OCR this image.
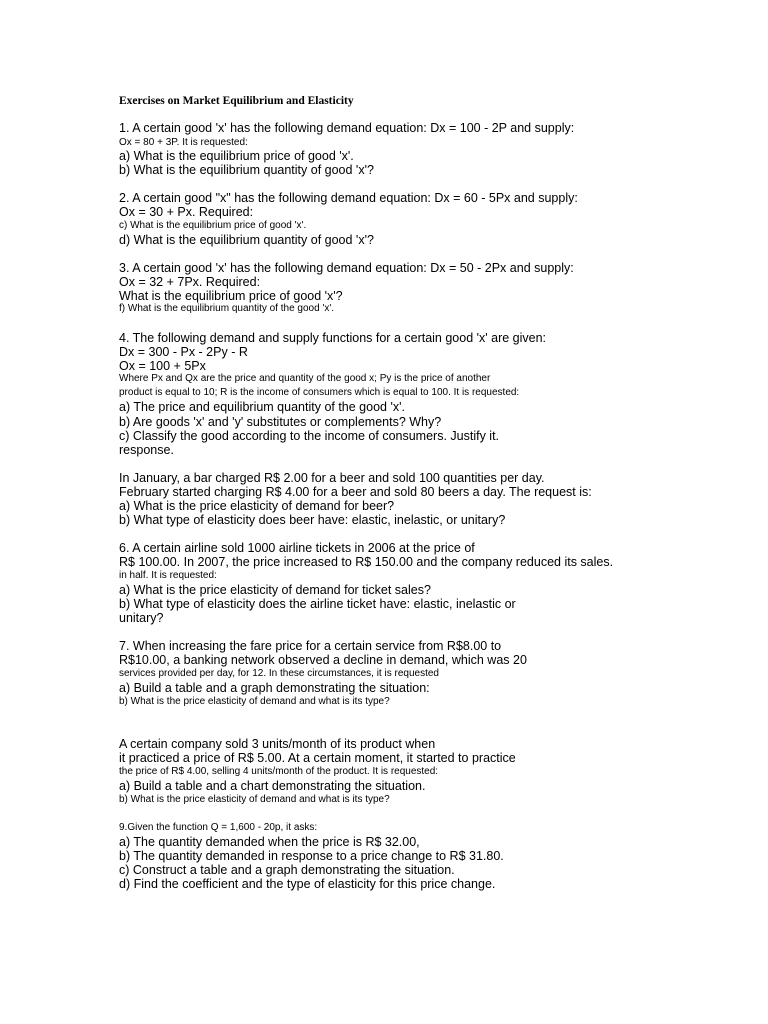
Exercises on Market Equilibrium and Elasticity

1. A certain good 'x' has the following demand equation: Dx = 100 - 2P and supply:

Ox = 80 + 3P. It is requested:

a) What is the equilibrium price of good 'x'.

b) What is the equilibrium quantity of good 'x'?

2. A certain good "x" has the following demand equation: Dx = 60 - 5Px and supply:

Ox = 30 + Px. Required:

c) What is the equilibrium price of good 'x'.

d) What is the equilibrium quantity of good 'x'?

3. A certain good 'x' has the following demand equation: Dx = 50 - 2Px and supply:

Ox = 32 + 7Px. Required:

What is the equilibrium price of good 'x'?

f) What is the equilibrium quantity of the good 'x'.

4. The following demand and supply functions for a certain good 'x' are given:

Dx = 300 - Px - 2Py - R

Ox = 100 + 5Px

Where Px and Qx are the price and quantity of the good x; Py is the price of another

product is equal to 10; R is the income of consumers which is equal to 100. It is requested:

a) The price and equilibrium quantity of the good 'x'.

b) Are goods 'x' and 'y' substitutes or complements? Why?

c) Classify the good according to the income of consumers. Justify it.

response.

In January, a bar charged R$ 2.00 for a beer and sold 100 quantities per day.

February started charging R$ 4.00 for a beer and sold 80 beers a day. The request is:

a) What is the price elasticity of demand for beer?

b) What type of elasticity does beer have: elastic, inelastic, or unitary?

6. A certain airline sold 1000 airline tickets in 2006 at the price of

R$ 100.00. In 2007, the price increased to R$ 150.00 and the company reduced its sales.

in half. It is requested:

a) What is the price elasticity of demand for ticket sales?

b) What type of elasticity does the airline ticket have: elastic, inelastic or

unitary?

7. When increasing the fare price for a certain service from R$8.00 to

R$10.00, a banking network observed a decline in demand, which was 20

services provided per day, for 12. In these circumstances, it is requested

a) Build a table and a graph demonstrating the situation:

b) What is the price elasticity of demand and what is its type?

A certain company sold 3 units/month of its product when

it practiced a price of R$ 5.00. At a certain moment, it started to practice

the price of R$ 4.00, selling 4 units/month of the product. It is requested:

a) Build a table and a chart demonstrating the situation.

b) What is the price elasticity of demand and what is its type?

9.Given the function Q = 1,600 - 20p, it asks:

a) The quantity demanded when the price is R$ 32.00,

b) The quantity demanded in response to a price change to R$ 31.80.

c) Construct a table and a graph demonstrating the situation.

d) Find the coefficient and the type of elasticity for this price change.
